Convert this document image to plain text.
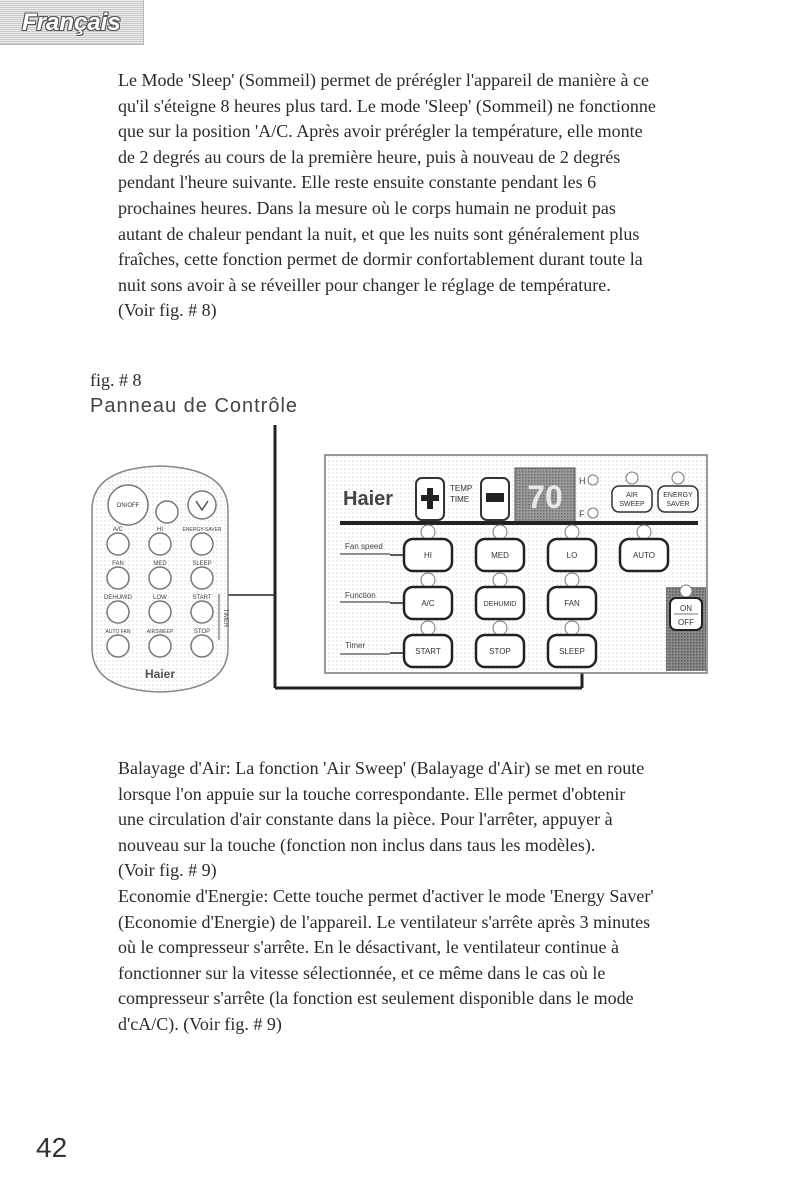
Français

Le Mode 'Sleep' (Sommeil) permet de prérégler l'appareil de manière à ce

qu'il s'éteigne 8 heures plus tard. Le mode 'Sleep' (Sommeil) ne fonctionne

que sur la position 'A/C. Après avoir prérégler la température, elle monte

de 2 degrés au cours de la première heure, puis à nouveau de 2 degrés

pendant l'heure suivante. Elle reste ensuite constante pendant les 6

prochaines heures. Dans la mesure où le corps humain ne produit pas

autant de chaleur pendant la nuit, et que les nuits sont généralement plus

fraîches, cette fonction permet de dormir confortablement durant toute la

nuit sons avoir à se réveiller pour changer le réglage de température.

(Voir fig. # 8)

fig. # 8
Panneau de Contrôle
ON/OFF
A/C	HI	ENERGY-SAVER
FAN	MED	SLEEP
DEHUMID	LOW	START
AUTO FAN	AIRSWEEP	STOP
TIMER
Haier
Haier	TEMP
TIME 70 H
F
AIR
SWEEP
ENERGY
SAVER
Fan speed
HI	MED	LO	AUTO
Function
A/C	DEHUMID	FAN
Timer
START	STOP	SLEEP
ON
OFF

Balayage d'Air: La fonction 'Air Sweep' (Balayage d'Air) se met en route

lorsque l'on appuie sur la touche correspondante. Elle permet d'obtenir

une circulation d'air constante dans la pièce. Pour l'arrêter, appuyer à

nouveau sur la touche (fonction non inclus dans taus les modèles).

(Voir fig. # 9)

Economie d'Energie: Cette touche permet d'activer le mode 'Energy Saver'

(Economie d'Energie) de l'appareil. Le ventilateur s'arrête après 3 minutes

où le compresseur s'arrête. En le désactivant, le ventilateur continue à

fonctionner sur la vitesse sélectionnée, et ce même dans le cas où le

compresseur s'arrête (la fonction est seulement disponible dans le mode

d'cA/C). (Voir fig. # 9)

42
